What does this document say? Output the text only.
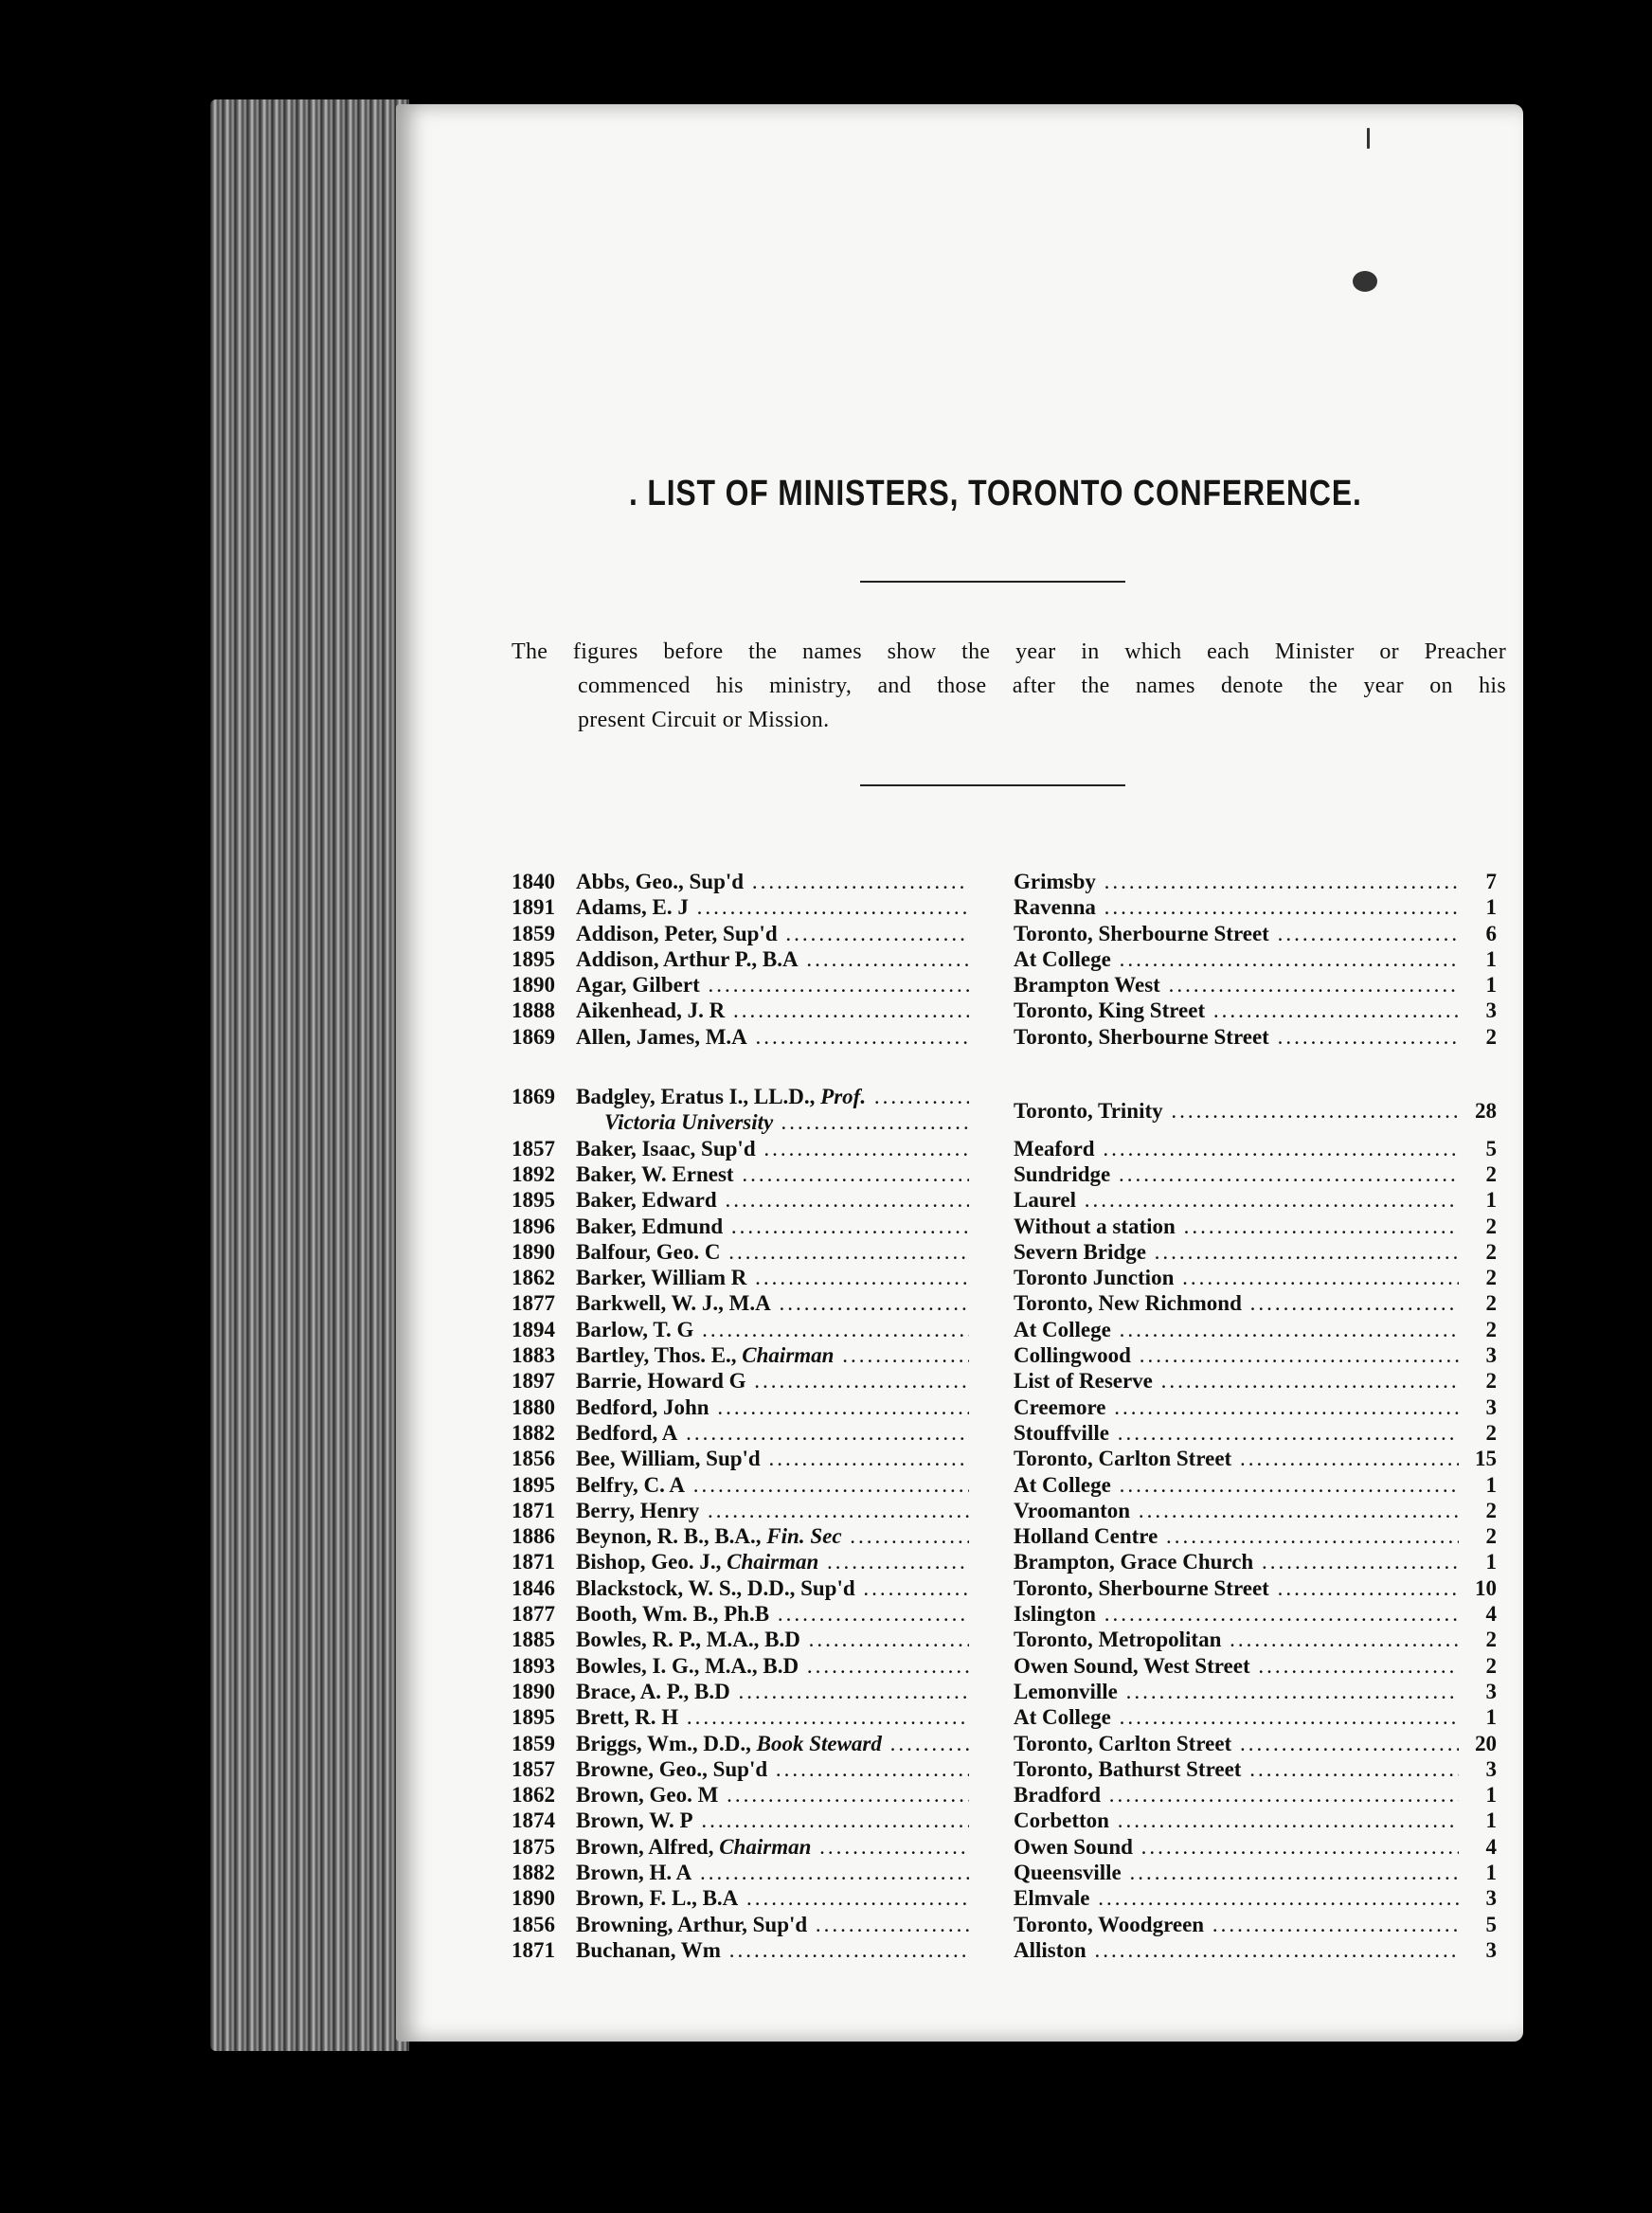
. LIST OF MINISTERS, TORONTO CONFERENCE.
The figures before the names show the year in which each Minister or Preacher
commenced his ministry, and those after the names denote the year on his
present Circuit or Mission.
1840 Abbs, Geo., Sup'd .....	Grimsby .....	7
1891 Adams, E. J .....	Ravenna .....	1
1859 Addison, Peter, Sup'd .....	Toronto, Sherbourne Street .....	6
1895 Addison, Arthur P., B.A .....	At College .....	1
1890 Agar, Gilbert .....	Brampton West .....	1
1888 Aikenhead, J. R .....	Toronto, King Street .....	3
1869 Allen, James, M.A .....	Toronto, Sherbourne Street .....	2
1869 Badgley, Eratus I., LL.D., Prof. .....
Victoria University .....	Toronto, Trinity .....	28
1857 Baker, Isaac, Sup'd .....	Meaford .....	5
1892 Baker, W. Ernest .....	Sundridge .....	2
1895 Baker, Edward .....	Laurel .....	1
1896 Baker, Edmund .....	Without a station .....	2
1890 Balfour, Geo. C .....	Severn Bridge .....	2
1862 Barker, William R .....	Toronto Junction .....	2
1877 Barkwell, W. J., M.A .....	Toronto, New Richmond .....	2
1894 Barlow, T. G .....	At College .....	2
1883 Bartley, Thos. E., Chairman .....	Collingwood .....	3
1897 Barrie, Howard G .....	List of Reserve .....	2
1880 Bedford, John .....	Creemore .....	3
1882 Bedford, A .....	Stouffville .....	2
1856 Bee, William, Sup'd .....	Toronto, Carlton Street .....	15
1895 Belfry, C. A .....	At College .....	1
1871 Berry, Henry .....	Vroomanton .....	2
1886 Beynon, R. B., B.A., Fin. Sec .....	Holland Centre .....	2
1871 Bishop, Geo. J., Chairman .....	Brampton, Grace Church .....	1
1846 Blackstock, W. S., D.D., Sup'd .....	Toronto, Sherbourne Street .....	10
1877 Booth, Wm. B., Ph.B .....	Islington .....	4
1885 Bowles, R. P., M.A., B.D .....	Toronto, Metropolitan .....	2
1893 Bowles, I. G., M.A., B.D .....	Owen Sound, West Street .....	2
1890 Brace, A. P., B.D .....	Lemonville .....	3
1895 Brett, R. H .....	At College .....	1
1859 Briggs, Wm., D.D., Book Steward .....	Toronto, Carlton Street .....	20
1857 Browne, Geo., Sup'd .....	Toronto, Bathurst Street .....	3
1862 Brown, Geo. M .....	Bradford .....	1
1874 Brown, W. P .....	Corbetton .....	1
1875 Brown, Alfred, Chairman .....	Owen Sound .....	4
1882 Brown, H. A .....	Queensville .....	1
1890 Brown, F. L., B.A .....	Elmvale .....	3
1856 Browning, Arthur, Sup'd .....	Toronto, Woodgreen .....	5
1871 Buchanan, Wm .....	Alliston .....	3
